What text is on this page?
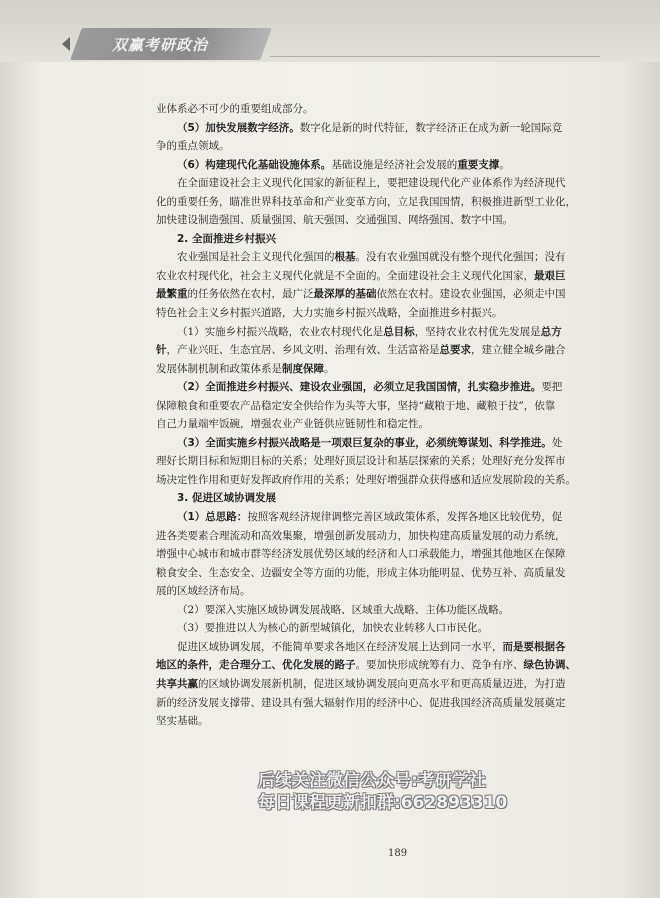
双赢考研政治
业体系必不可少的重要组成部分。
（5）加快发展数字经济。数字化是新的时代特征，数字经济正在成为新一轮国际竞
争的重点领域。
（6）构建现代化基础设施体系。基础设施是经济社会发展的重要支撑。
在全面建设社会主义现代化国家的新征程上，要把建设现代化产业体系作为经济现代
化的重要任务，瞄准世界科技革命和产业变革方向，立足我国国情，积极推进新型工业化，
加快建设制造强国、质量强国、航天强国、交通强国、网络强国、数字中国。
2. 全面推进乡村振兴
农业强国是社会主义现代化强国的根基。没有农业强国就没有整个现代化强国；没有
农业农村现代化，社会主义现代化就是不全面的。全面建设社会主义现代化国家，最艰巨
最繁重的任务依然在农村，最广泛最深厚的基础依然在农村。建设农业强国，必须走中国
特色社会主义乡村振兴道路，大力实施乡村振兴战略，全面推进乡村振兴。
（1）实施乡村振兴战略，农业农村现代化是总目标，坚持农业农村优先发展是总方
针，产业兴旺、生态宜居、乡风文明、治理有效、生活富裕是总要求，建立健全城乡融合
发展体制机制和政策体系是制度保障。
（2）全面推进乡村振兴、建设农业强国，必须立足我国国情，扎实稳步推进。要把
保障粮食和重要农产品稳定安全供给作为头等大事，坚持“藏粮于地、藏粮于技”，依靠
自己力量端牢饭碗，增强农业产业链供应链韧性和稳定性。
（3）全面实施乡村振兴战略是一项艰巨复杂的事业，必须统筹谋划、科学推进。处
理好长期目标和短期目标的关系；处理好顶层设计和基层探索的关系；处理好充分发挥市
场决定性作用和更好发挥政府作用的关系；处理好增强群众获得感和适应发展阶段的关系。
3. 促进区域协调发展
（1）总思路：按照客观经济规律调整完善区域政策体系，发挥各地区比较优势，促
进各类要素合理流动和高效集聚，增强创新发展动力，加快构建高质量发展的动力系统，
增强中心城市和城市群等经济发展优势区域的经济和人口承载能力，增强其他地区在保障
粮食安全、生态安全、边疆安全等方面的功能，形成主体功能明显、优势互补、高质量发
展的区域经济布局。
（2）要深入实施区域协调发展战略、区域重大战略、主体功能区战略。
（3）要推进以人为核心的新型城镇化，加快农业转移人口市民化。
促进区域协调发展，不能简单要求各地区在经济发展上达到同一水平，而是要根据各
地区的条件，走合理分工、优化发展的路子。要加快形成统筹有力、竞争有序、绿色协调、
共享共赢的区域协调发展新机制，促进区域协调发展向更高水平和更高质量迈进，为打造
新的经济发展支撑带、建设具有强大辐射作用的经济中心、促进我国经济高质量发展奠定
坚实基础。
后续关注微信公众号:考研学社
每日课程更新扣群:662893310
189
